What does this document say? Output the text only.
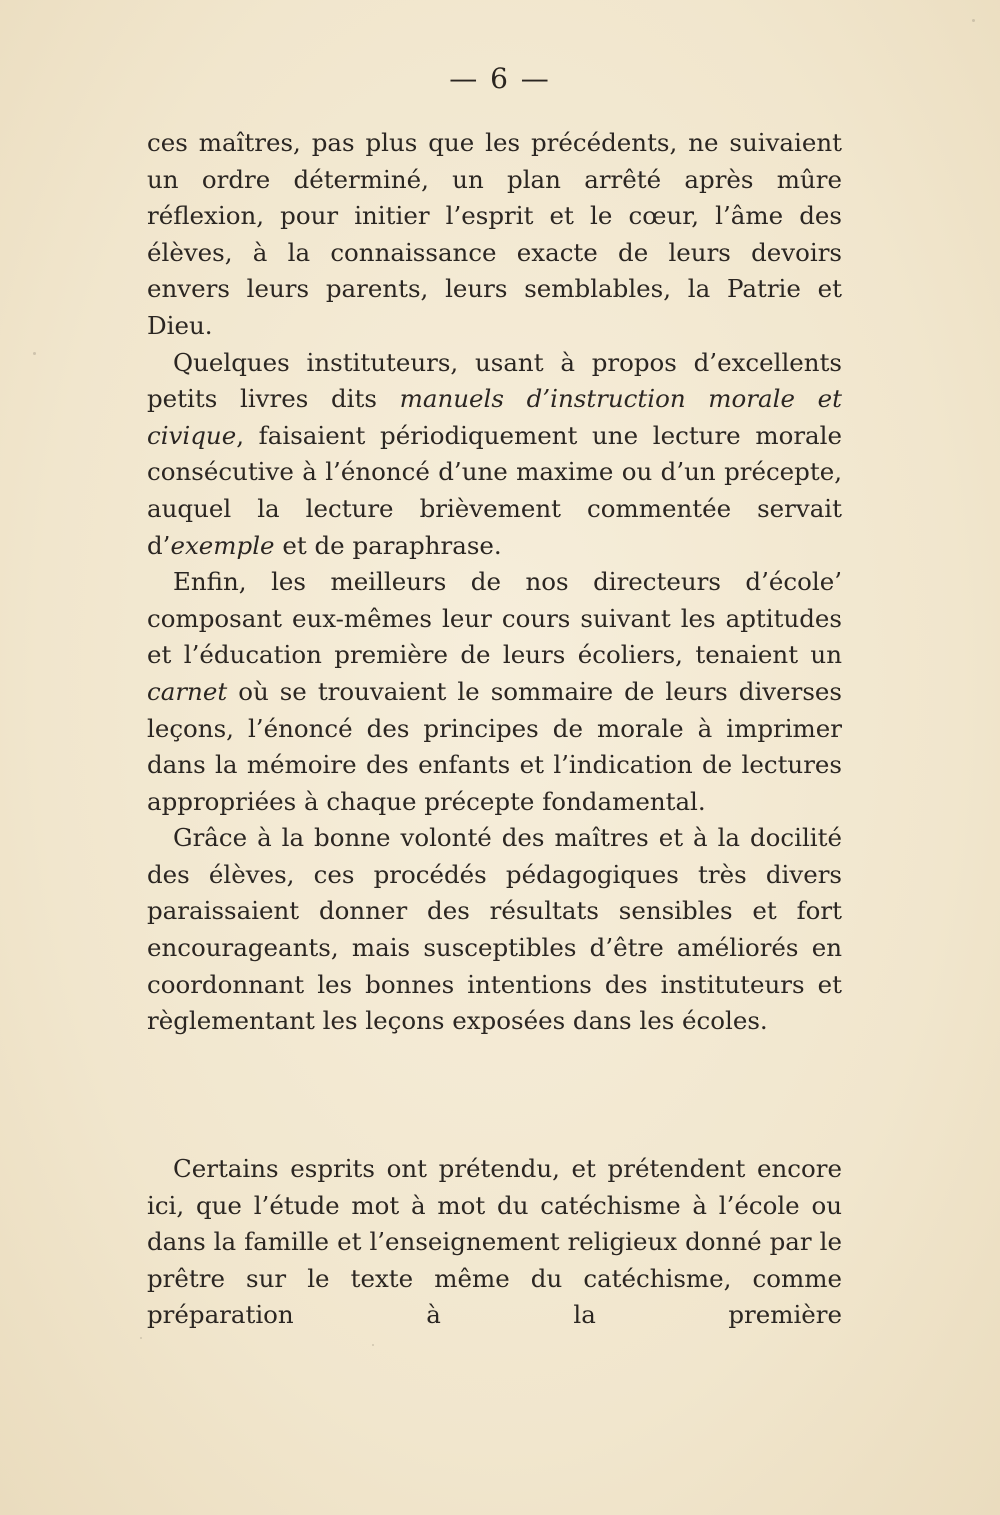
— 6 —

ces maîtres, pas plus que les précédents, ne suivaient un ordre déterminé, un plan arrêté après mûre réflexion, pour initier l’esprit et le cœur, l’âme des élèves, à la connaissance exacte de leurs devoirs envers leurs parents, leurs semblables, la Patrie et Dieu.

Quelques instituteurs, usant à propos d’excellents petits livres dits manuels d’instruction morale et civique, faisaient périodiquement une lecture morale consécutive à l’énoncé d’une maxime ou d’un précepte, auquel la lecture brièvement commentée servait d’exemple et de paraphrase.

Enfin, les meilleurs de nos directeurs d’école’ composant eux-mêmes leur cours suivant les aptitudes et l’éducation première de leurs écoliers, tenaient un carnet où se trouvaient le sommaire de leurs diverses leçons, l’énoncé des principes de morale à imprimer dans la mémoire des enfants et l’indication de lectures appropriées à chaque précepte fondamental.

Grâce à la bonne volonté des maîtres et à la docilité des élèves, ces procédés pédagogiques très divers paraissaient donner des résultats sensibles et fort encourageants, mais susceptibles d’être améliorés en coordonnant les bonnes intentions des instituteurs et règlementant les leçons exposées dans les écoles.

Certains esprits ont prétendu, et prétendent encore ici, que l’étude mot à mot du catéchisme à l’école ou dans la famille et l’enseignement religieux donné par le prêtre sur le texte même du catéchisme, comme préparation à la première
